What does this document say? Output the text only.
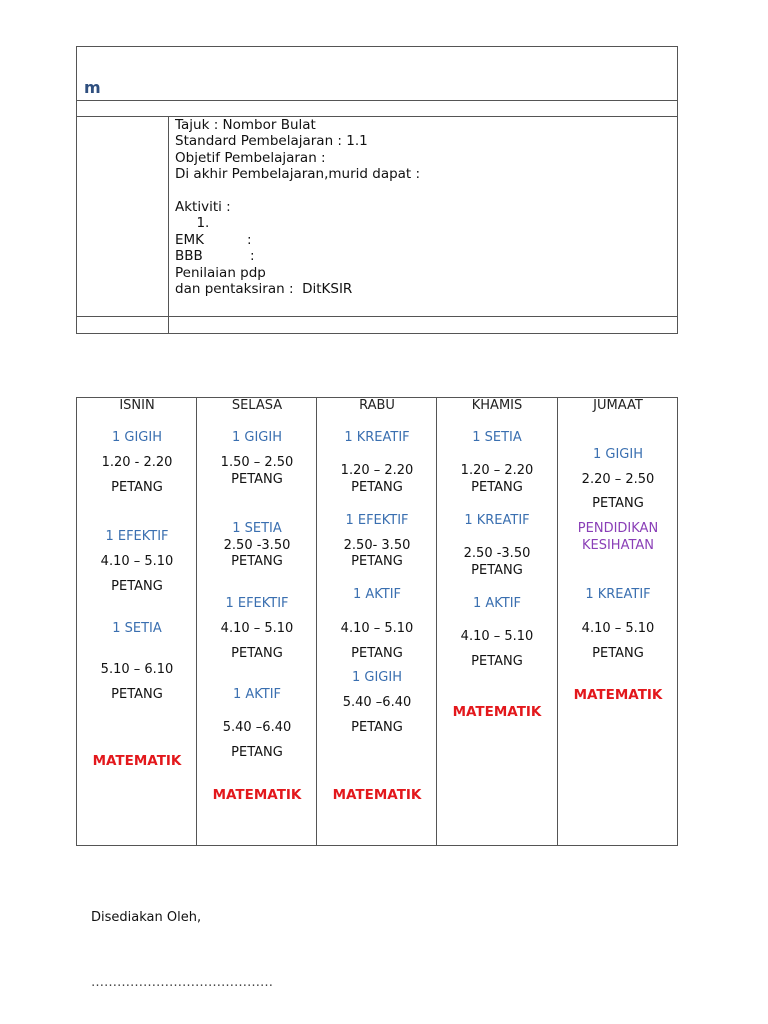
m
Tajuk : Nombor Bulat
Standard Pembelajaran : 1.1
Objetif Pembelajaran :
Di akhir Pembelajaran,murid dapat :

Aktiviti :
1.
EMK          :
BBB           :
Penilaian pdp
dan pentaksiran :  DitKSIR
ISNIN
1 GIGIH
1.20 - 2.20
PETANG
1 EFEKTIF
4.10 – 5.10
PETANG
1 SETIA
5.10 – 6.10
PETANG
MATEMATIK
SELASA
1 GIGIH
1.50 – 2.50
PETANG
1 SETIA
2.50 -3.50
PETANG
1 EFEKTIF
4.10 – 5.10
PETANG
1 AKTIF
5.40 –6.40
PETANG
MATEMATIK
RABU
1 KREATIF
1.20 – 2.20
PETANG
1 EFEKTIF
2.50- 3.50
PETANG
1 AKTIF
4.10 – 5.10
PETANG
1 GIGIH
5.40 –6.40
PETANG
MATEMATIK
KHAMIS
1 SETIA
1.20 – 2.20
PETANG
1 KREATIF
2.50 -3.50
PETANG
1 AKTIF
4.10 – 5.10
PETANG
MATEMATIK
JUMAAT
1 GIGIH
2.20 – 2.50
PETANG
PENDIDIKAN
KESIHATAN
1 KREATIF
4.10 – 5.10
PETANG
MATEMATIK
Disediakan Oleh,
……………………………………
